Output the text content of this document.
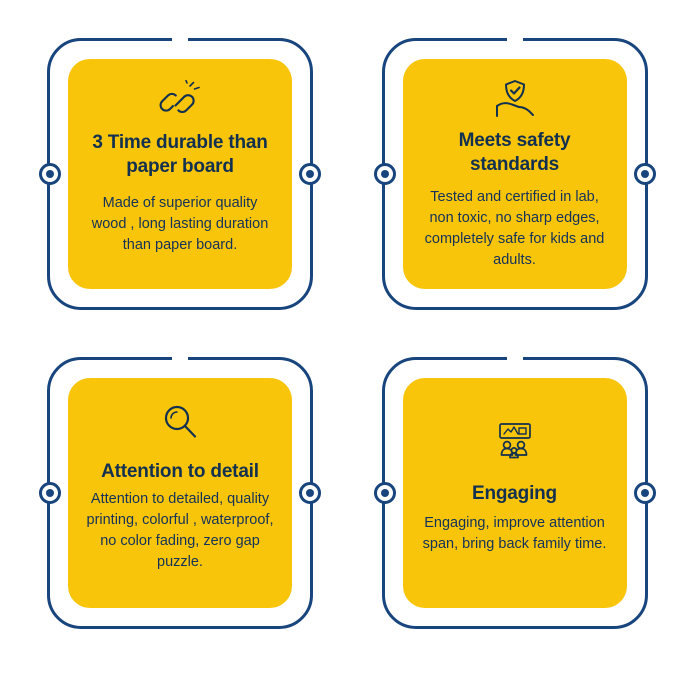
3 Time durable than paper board
Made of superior quality wood , long lasting duration than paper board.
Meets safety standards
Tested and certified in lab, non toxic, no sharp edges, completely safe for kids and adults.
Attention to detail
Attention to detailed, quality printing, colorful , waterproof, no color fading, zero gap puzzle.
Engaging
Engaging, improve attention span, bring back family time.
